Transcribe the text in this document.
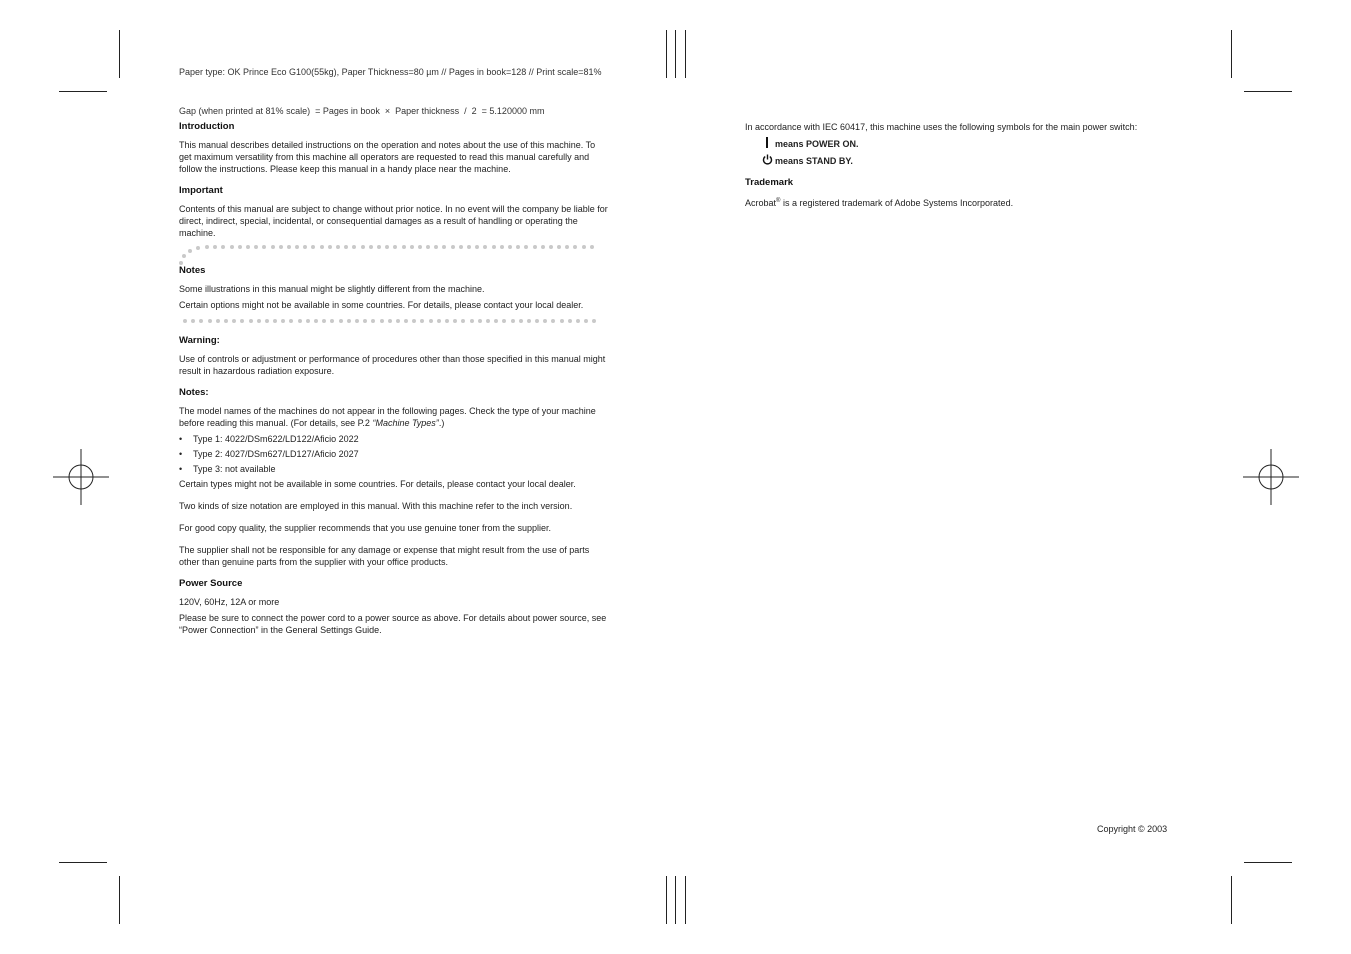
Paper type: OK Prince Eco G100(55kg), Paper Thickness=80 µm // Pages in book=128 // Print scale=81%

Gap (when printed at 81% scale)  = Pages in book  ×  Paper thickness  /  2  = 5.120000 mm

Introduction
This manual describes detailed instructions on the operation and notes about the use of this machine. To get maximum versatility from this machine all operators are requested to read this manual carefully and follow the instructions. Please keep this manual in a handy place near the machine.
Important
Contents of this manual are subject to change without prior notice. In no event will the company be liable for direct, indirect, special, incidental, or consequential damages as a result of handling or operating the machine.
Notes
Some illustrations in this manual might be slightly different from the machine.
Certain options might not be available in some countries. For details, please contact your local dealer.
Warning:
Use of controls or adjustment or performance of procedures other than those specified in this manual might result in hazardous radiation exposure.
Notes:
The model names of the machines do not appear in the following pages. Check the type of your machine before reading this manual. (For details, see P.2 “Machine Types”.)
• Type 1: 4022/DSm622/LD122/Aficio 2022
• Type 2: 4027/DSm627/LD127/Aficio 2027
• Type 3: not available
Certain types might not be available in some countries. For details, please contact your local dealer.
Two kinds of size notation are employed in this manual. With this machine refer to the inch version.
For good copy quality, the supplier recommends that you use genuine toner from the supplier.
The supplier shall not be responsible for any damage or expense that might result from the use of parts other than genuine parts from the supplier with your office products.
Power Source
120V, 60Hz, 12A or more
Please be sure to connect the power cord to a power source as above. For details about power source, see “Power Connection” in the General Settings Guide.
In accordance with IEC 60417, this machine uses the following symbols for the main power switch:
means POWER ON.
means STAND BY.
Trademark
Acrobat® is a registered trademark of Adobe Systems Incorporated.
Copyright © 2003
